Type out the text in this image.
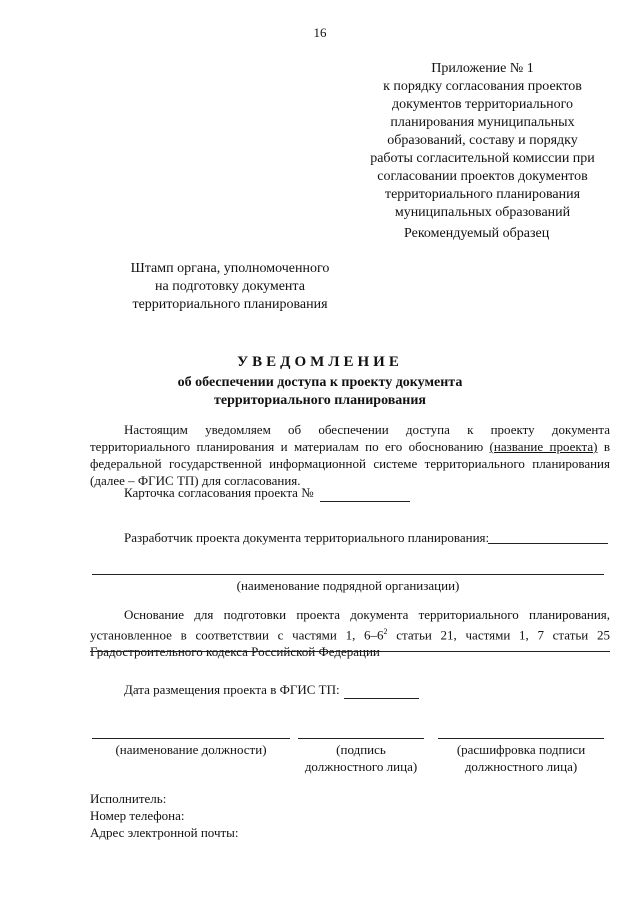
16
Приложение № 1
к порядку согласования проектов
документов территориального
планирования муниципальных
образований, составу и порядку
работы согласительной комиссии при
согласовании проектов документов
территориального планирования
муниципальных образований
Рекомендуемый образец
Штамп органа, уполномоченного
на подготовку документа
территориального планирования
УВЕДОМЛЕНИЕ
об обеспечении доступа к проекту документа
территориального планирования
Настоящим уведомляем об обеспечении доступа к проекту документа территориального планирования и материалам по его обоснованию (название проекта) в федеральной государственной информационной системе территориального планирования (далее – ФГИС ТП) для согласования.
Карточка согласования проекта №
Разработчик проекта документа территориального планирования:
(наименование подрядной организации)
Основание для подготовки проекта документа территориального планирования, установленное в соответствии с частями 1, $6-6^2$ статьи 21, частями 1, 7 статьи 25 Градостроительного кодекса Российской Федерации
Дата размещения проекта в ФГИС ТП:
(наименование должности)	(подпись
должностного лица)
(расшифровка подписи
должностного лица)
Исполнитель:
Номер телефона:
Адрес электронной почты:
